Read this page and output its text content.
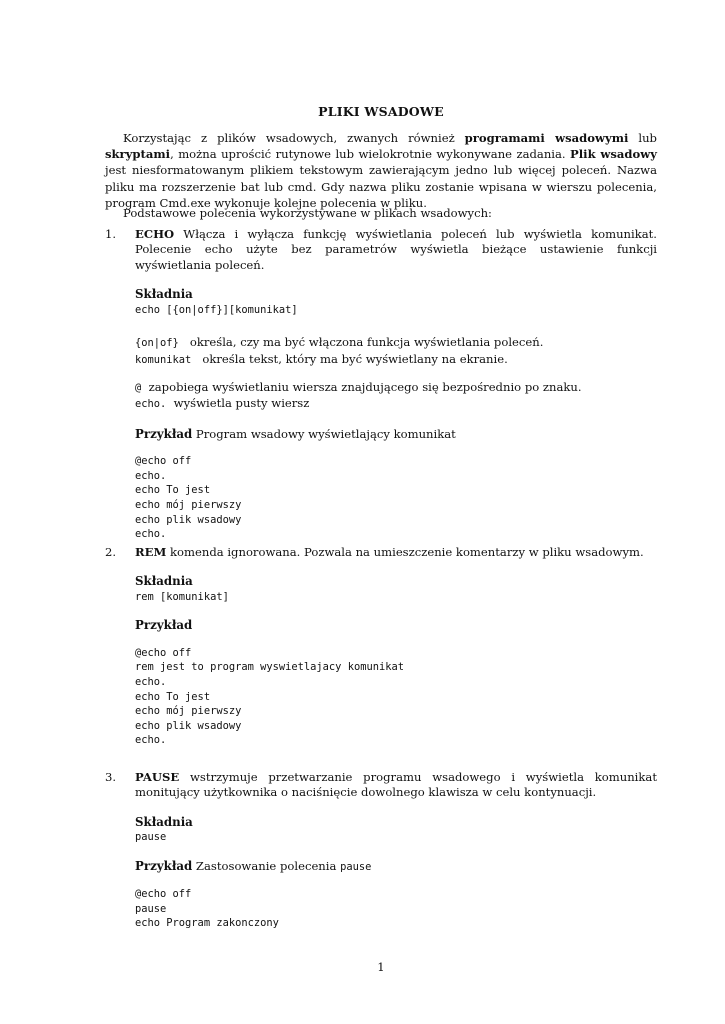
PLIKI WSADOWE

Korzystając z plików wsadowych, zwanych również programami wsadowymi lub skryptami, można uprościć rutynowe lub wielokrotnie wykonywane zadania. Plik wsadowy jest niesformatowanym plikiem tekstowym zawierającym jedno lub więcej poleceń. Nazwa pliku ma rozszerzenie bat lub cmd. Gdy nazwa pliku zostanie wpisana w wierszu polecenia, program Cmd.exe wykonuje kolejne polecenia w pliku.

Podstawowe polecenia wykorzystywane w plikach wsadowych:
1. ECHO Włącza i wyłącza funkcję wyświetlania poleceń lub wyświetla komunikat. Polecenie echo użyte bez parametrów wyświetla bieżące ustawienie funkcji wyświetlania poleceń.

Składnia
echo [{on|off}][komunikat]
{on|of} określa, czy ma być włączona funkcja wyświetlania poleceń.
komunikat określa tekst, który ma być wyświetlany na ekranie.
@ zapobiega wyświetlaniu wiersza znajdującego się bezpośrednio po znaku.
echo. wyświetla pusty wiersz
Przykład Program wsadowy wyświetlający komunikat
@echo off
echo.
echo To jest
echo mój pierwszy
echo plik wsadowy
echo.
2. REM komenda ignorowana. Pozwala na umieszczenie komentarzy w pliku wsadowym.

Składnia
rem [komunikat]
Przykład
@echo off
rem jest to program wyswietlajacy komunikat
echo.
echo To jest
echo mój pierwszy
echo plik wsadowy
echo.
3. PAUSE wstrzymuje przetwarzanie programu wsadowego i wyświetla komunikat monitujący użytkownika o naciśnięcie dowolnego klawisza w celu kontynuacji.

Składnia
pause
Przykład Zastosowanie polecenia pause
@echo off
pause
echo Program zakonczony
1
